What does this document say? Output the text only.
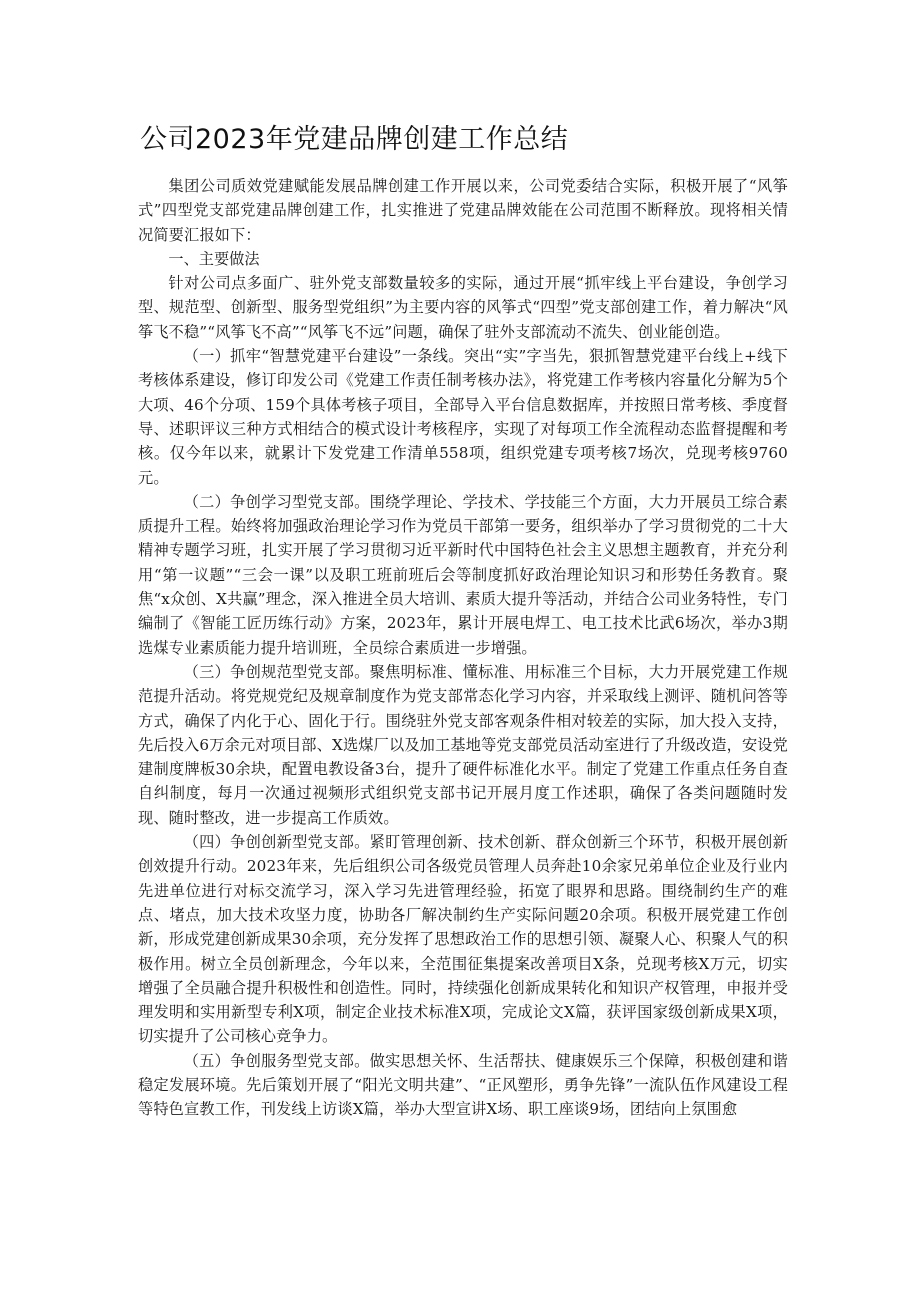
公司2023年党建品牌创建工作总结

集团公司质效党建赋能发展品牌创建工作开展以来，公司党委结合实际，积极开展了“风筝式”四型党支部党建品牌创建工作，扎实推进了党建品牌效能在公司范围不断释放。现将相关情况简要汇报如下：

一、主要做法

针对公司点多面广、驻外党支部数量较多的实际，通过开展“抓牢线上平台建设，争创学习型、规范型、创新型、服务型党组织”为主要内容的风筝式“四型”党支部创建工作，着力解决“风筝飞不稳”“风筝飞不高”“风筝飞不远”问题，确保了驻外支部流动不流失、创业能创造。

（一）抓牢“智慧党建平台建设”一条线。突出“实”字当先，狠抓智慧党建平台线上+线下考核体系建设，修订印发公司《党建工作责任制考核办法》，将党建工作考核内容量化分解为5个大项、46个分项、159个具体考核子项目，全部导入平台信息数据库，并按照日常考核、季度督导、述职评议三种方式相结合的模式设计考核程序，实现了对每项工作全流程动态监督提醒和考核。仅今年以来，就累计下发党建工作清单558项，组织党建专项考核7场次，兑现考核9760元。

（二）争创学习型党支部。围绕学理论、学技术、学技能三个方面，大力开展员工综合素质提升工程。始终将加强政治理论学习作为党员干部第一要务，组织举办了学习贯彻党的二十大精神专题学习班，扎实开展了学习贯彻习近平新时代中国特色社会主义思想主题教育，并充分利用“第一议题”“三会一课”以及职工班前班后会等制度抓好政治理论知识习和形势任务教育。聚焦“x众创、X共赢”理念，深入推进全员大培训、素质大提升等活动，并结合公司业务特性，专门编制了《智能工匠历练行动》方案，2023年，累计开展电焊工、电工技术比武6场次，举办3期选煤专业素质能力提升培训班，全员综合素质进一步增强。

（三）争创规范型党支部。聚焦明标准、懂标准、用标准三个目标，大力开展党建工作规范提升活动。将党规党纪及规章制度作为党支部常态化学习内容，并采取线上测评、随机问答等方式，确保了内化于心、固化于行。围绕驻外党支部客观条件相对较差的实际，加大投入支持，先后投入6万余元对项目部、X选煤厂以及加工基地等党支部党员活动室进行了升级改造，安设党建制度牌板30余块，配置电教设备3台，提升了硬件标准化水平。制定了党建工作重点任务自查自纠制度，每月一次通过视频形式组织党支部书记开展月度工作述职，确保了各类问题随时发现、随时整改，进一步提高工作质效。

（四）争创创新型党支部。紧盯管理创新、技术创新、群众创新三个环节，积极开展创新创效提升行动。2023年来，先后组织公司各级党员管理人员奔赴10余家兄弟单位企业及行业内先进单位进行对标交流学习，深入学习先进管理经验，拓宽了眼界和思路。围绕制约生产的难点、堵点，加大技术攻坚力度，协助各厂解决制约生产实际问题20余项。积极开展党建工作创新，形成党建创新成果30余项，充分发挥了思想政治工作的思想引领、凝聚人心、积聚人气的积极作用。树立全员创新理念，今年以来，全范围征集提案改善项目X条，兑现考核X万元，切实增强了全员融合提升积极性和创造性。同时，持续强化创新成果转化和知识产权管理，申报并受理发明和实用新型专利X项，制定企业技术标准X项，完成论文X篇，获评国家级创新成果X项，切实提升了公司核心竞争力。

（五）争创服务型党支部。做实思想关怀、生活帮扶、健康娱乐三个保障，积极创建和谐稳定发展环境。先后策划开展了“阳光文明共建”、“正风塑形，勇争先锋”一流队伍作风建设工程等特色宣教工作，刊发线上访谈X篇，举办大型宣讲X场、职工座谈9场，团结向上氛围愈
